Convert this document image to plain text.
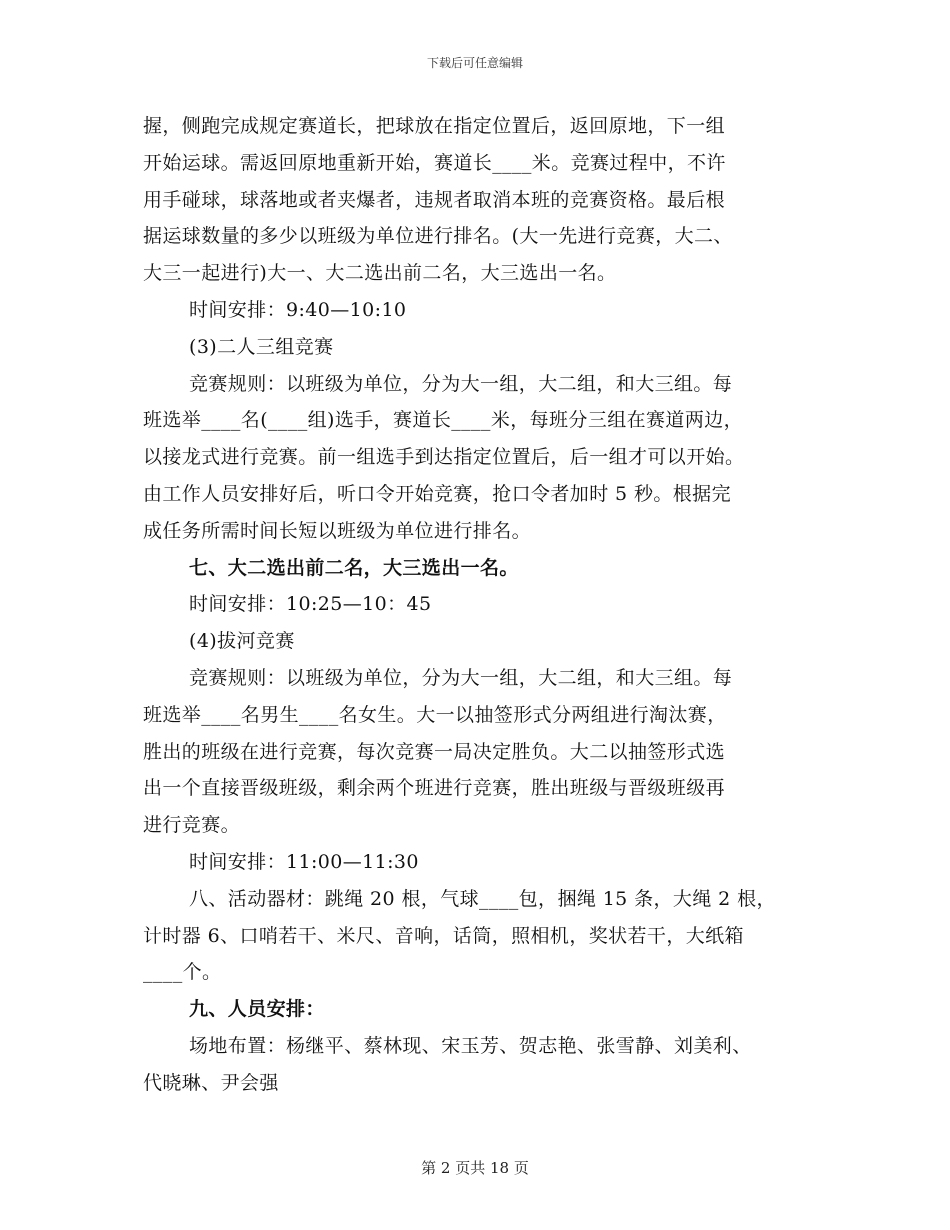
下载后可任意编辑
握，侧跑完成规定赛道长，把球放在指定位置后，返回原地，下一组
开始运球。需返回原地重新开始，赛道长____米。竞赛过程中，不许
用手碰球，球落地或者夹爆者，违规者取消本班的竞赛资格。最后根
据运球数量的多少以班级为单位进行排名。(大一先进行竞赛，大二、
大三一起进行)大一、大二选出前二名，大三选出一名。
时间安排：9:40—10:10
(3)二人三组竞赛
竞赛规则：以班级为单位，分为大一组，大二组，和大三组。每
班选举____名(____组)选手，赛道长____米，每班分三组在赛道两边，
以接龙式进行竞赛。前一组选手到达指定位置后，后一组才可以开始。
由工作人员安排好后，听口令开始竞赛，抢口令者加时 5 秒。根据完
成任务所需时间长短以班级为单位进行排名。
七、大二选出前二名，大三选出一名。
时间安排：10:25—10：45
(4)拔河竞赛
竞赛规则：以班级为单位，分为大一组，大二组，和大三组。每
班选举____名男生____名女生。大一以抽签形式分两组进行淘汰赛，
胜出的班级在进行竞赛，每次竞赛一局决定胜负。大二以抽签形式选
出一个直接晋级班级，剩余两个班进行竞赛，胜出班级与晋级班级再
进行竞赛。
时间安排：11:00—11:30
八、活动器材：跳绳 20 根，气球____包，捆绳 15 条，大绳 2 根，
计时器 6、口哨若干、米尺、音响，话筒，照相机，奖状若干，大纸箱
____个。
九、人员安排：
场地布置：杨继平、蔡林现、宋玉芳、贺志艳、张雪静、刘美利、
代晓琳、尹会强
第 2 页共 18 页
